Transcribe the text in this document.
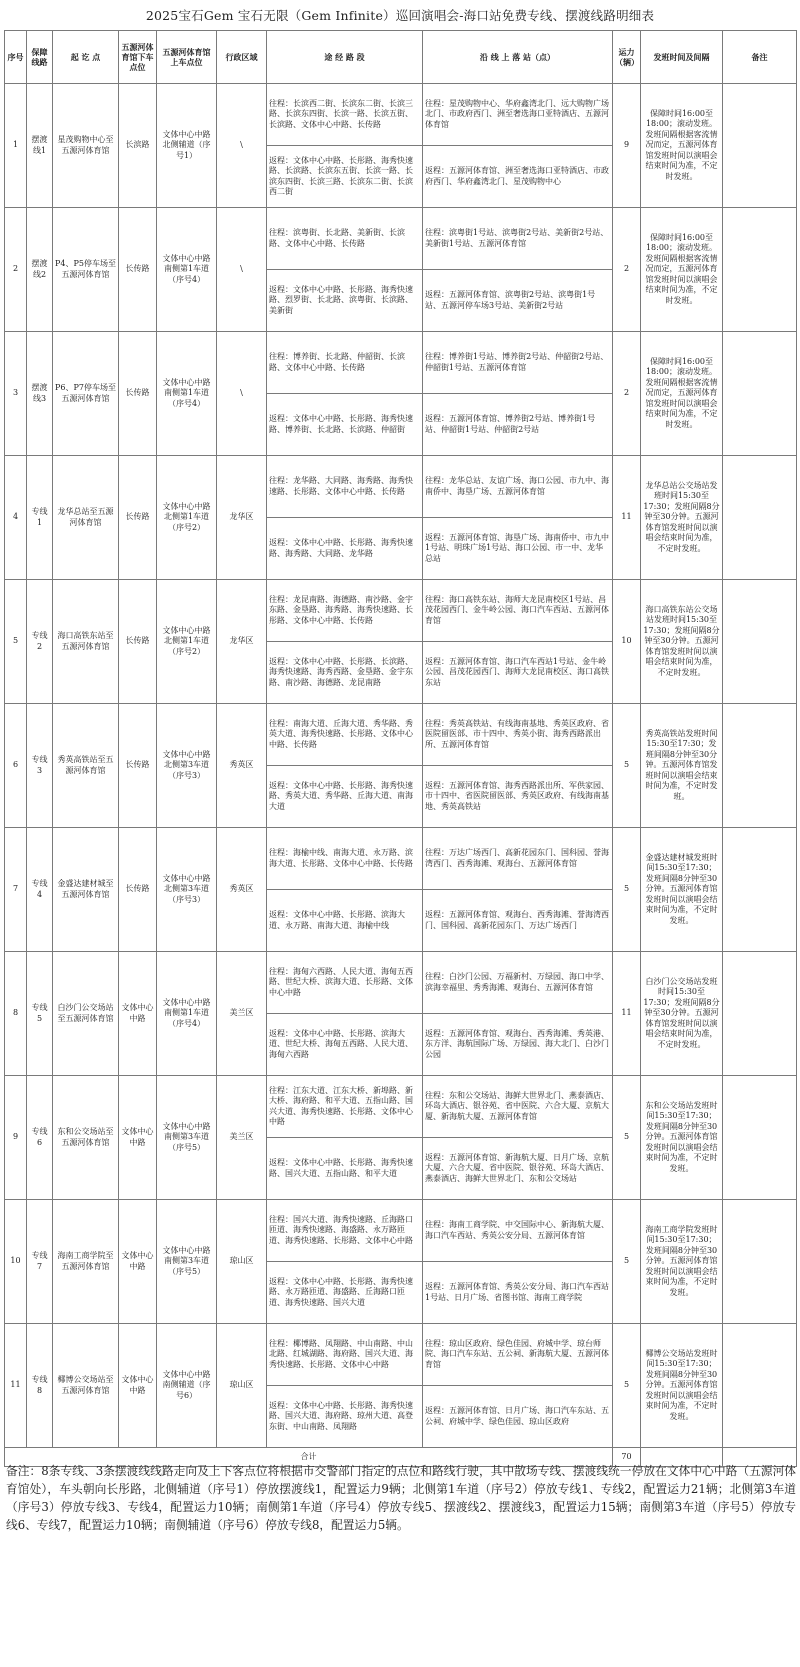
2025宝石Gem 宝石无限（Gem Infinite）巡回演唱会-海口站免费专线、摆渡线路明细表
序号	保障线路	起 讫 点	五源河体育馆下车点位	五源河体育馆上车点位	行政区域	途 经 路 段	沿 线 上 落 站（点）	运力（辆）	发班时间及间隔	备注
1	摆渡线1	星茂购物中心至五源河体育馆	长滨路	文体中心中路北侧辅道（序号1）	\	往程：长滨西二街、长滨东二街、长滨三路、长滨东四街、长滨一路、长滨五街、长滨路、文体中心中路、长传路	往程：星茂购物中心、华府鑫湾北门、远大购物广场北门、市政府西门、洲至奢选海口亚特酒店、五源河体育馆	9	保障时间16:00至18:00；滚动发班。发班间隔根据客流情况而定，五源河体育馆发班时间以演唱会结束时间为准，不定时发班。	
						返程：文体中心中路、长彤路、海秀快速路、长滨路、长滨东五街、长滨一路、长滨东四街、长滨三路、长滨东二街、长滨西二街	返程：五源河体育馆、洲至奢选海口亚特酒店、市政府西门、华府鑫湾北门、星茂购物中心			
2	摆渡线2	P4、P5停车场至五源河体育馆	长传路	文体中心中路南侧第1车道（序号4）	\	往程：滨粤街、长北路、美新街、长滨路、文体中心中路、长传路	往程：滨粤街1号站、滨粤街2号站、美新街2号站、美新街1号站、五源河体育馆	2	保障时间16:00至18:00；滚动发班。发班间隔根据客流情况而定，五源河体育馆发班时间以演唱会结束时间为准，不定时发班。	
						返程：文体中心中路、长彤路、海秀快速路、烈罗街、长北路、滨粤街、长滨路、美新街	返程：五源河体育馆、滨粤街2号站、滨粤街1号站、五源河停车场3号站、美新街2号站			
3	摆渡线3	P6、P7停车场至五源河体育馆	长传路	文体中心中路南侧第1车道（序号4）	\	往程：博养街、长北路、仲韶街、长滨路、文体中心中路、长传路	往程：博养街1号站、博养街2号站、仲韶街2号站、仲韶街1号站、五源河体育馆	2	保障时间16:00至18:00；滚动发班。发班间隔根据客流情况而定，五源河体育馆发班时间以演唱会结束时间为准，不定时发班。	
						返程：文体中心中路、长彤路、海秀快速路、博养街、长北路、长滨路、仲韶街	返程：五源河体育馆、博养街2号站、博养街1号站、仲韶街1号站、仲韶街2号站			
4	专线1	龙华总站至五源河体育馆	长传路	文体中心中路北侧第1车道（序号2）	龙华区	往程：龙华路、大同路、海秀路、海秀快速路、长彤路、文体中心中路、长传路	往程：龙华总站、友谊广场、海口公园、市九中、海南侨中、海垦广场、五源河体育馆	11	龙华总站公交场站发班时间15:30至17:30；发班间隔8分钟至30分钟。五源河体育馆发班时间以演唱会结束时间为准，不定时发班。	
						返程：文体中心中路、长彤路、海秀快速路、海秀路、大同路、龙华路	返程：五源河体育馆、海垦广场、海南侨中、市九中1号站、明珠广场1号站、海口公园、市一中、龙华总站			
5	专线2	海口高铁东站至五源河体育馆	长传路	文体中心中路北侧第1车道（序号2）	龙华区	往程：龙昆南路、海德路、南沙路、金宇东路、金垦路、海秀路、海秀快速路、长彤路、文体中心中路、长传路	往程：海口高铁东站、海师大龙昆南校区1号站、昌茂花园西门、金牛岭公园、海口汽车西站、五源河体育馆	10	海口高铁东站公交场站发班时间15:30至17:30；发班间隔8分钟至30分钟。五源河体育馆发班时间以演唱会结束时间为准，不定时发班。	
						返程：文体中心中路、长彤路、长滨路、海秀快速路、海秀西路、金垦路、金宇东路、南沙路、海德路、龙昆南路	返程：五源河体育馆、海口汽车西站1号站、金牛岭公园、昌茂花园西门、海师大龙昆南校区、海口高铁东站			
6	专线3	秀英高铁站至五源河体育馆	长传路	文体中心中路北侧第3车道（序号3）	秀英区	往程：南海大道、丘海大道、秀华路、秀英大道、海秀快速路、长彤路、文体中心中路、长传路	往程：秀英高铁站、有线海南基地、秀英区政府、省医院留医部、市十四中、秀英小街、海秀西路派出所、五源河体育馆	5	秀英高铁站发班时间15:30至17:30；发班间隔8分钟至30分钟。五源河体育馆发班时间以演唱会结束时间为准，不定时发班。	
						返程：文体中心中路、长彤路、海秀快速路、秀英大道、秀华路、丘海大道、南海大道	返程：五源河体育馆、海秀西路派出所、军供家园、市十四中、省医院留医部、秀英区政府、有线海南基地、秀英高铁站			
7	专线4	金盛达建材城至五源河体育馆	长传路	文体中心中路北侧第3车道（序号3）	秀英区	往程：海榆中线、南海大道、永万路、滨海大道、长彤路、文体中心中路、长传路	往程：万达广场西门、高新花园东门、国科园、誉海湾西门、西秀海滩、观海台、五源河体育馆	5	金盛达建材城发班时间15:30至17:30；发班间隔8分钟至30分钟。五源河体育馆发班时间以演唱会结束时间为准，不定时发班。	
						返程：文体中心中路、长彤路、滨海大道、永万路、南海大道、海榆中线	返程：五源河体育馆、观海台、西秀海滩、誉海湾西门、国科园、高新花园东门、万达广场西门			
8	专线5	白沙门公交场站至五源河体育馆	文体中心中路	文体中心中路南侧第1车道（序号4）	美兰区	往程：海甸六西路、人民大道、海甸五西路、世纪大桥、滨海大道、长彤路、文体中心中路	往程：白沙门公园、万福新村、万绿园、海口中学、滨海幸福里、秀秀海滩、观海台、五源河体育馆	11	白沙门公交场站发班时间15:30至17:30；发班间隔8分钟至30分钟。五源河体育馆发班时间以演唱会结束时间为准，不定时发班。	
						返程：文体中心中路、长彤路、滨海大道、世纪大桥、海甸五西路、人民大道、海甸六西路	返程：五源河体育馆、观海台、西秀海滩、秀英港、东方洋、海航国际广场、万绿园、海大北门、白沙门公园			
9	专线6	东和公交场站至五源河体育馆	文体中心中路	文体中心中路南侧第3车道（序号5）	美兰区	往程：江东大道、江东大桥、新埠路、新大桥、海府路、和平大道、五指山路、国兴大道、海秀快速路、长彤路、文体中心中路	往程：东和公交场站、海鲜大世界北门、燕泰酒店、环岛大酒店、银谷苑、省中医院、六合大厦、京航大厦、新海航大厦、五源河体育馆	5	东和公交场站发班时间15:30至17:30；发班间隔8分钟至30分钟。五源河体育馆发班时间以演唱会结束时间为准，不定时发班。	
						返程：文体中心中路、长彤路、海秀快速路、国兴大道、五指山路、和平大道	返程：五源河体育馆、新海航大厦、日月广场、京航大厦、六合大厦、省中医院、银谷苑、环岛大酒店、燕泰酒店、海鲜大世界北门、东和公交场站			
10	专线7	海南工商学院至五源河体育馆	文体中心中路	文体中心中路南侧第3车道（序号5）	琼山区	往程：国兴大道、海秀快速路、丘海路口匝道、海秀快速路、海盛路、永万路匝道、海秀快速路、长彤路、文体中心中路	往程：海南工商学院、中交国际中心、新海航大厦、海口汽车西站、秀英公安分局、五源河体育馆	5	海南工商学院发班时间15:30至17:30；发班间隔8分钟至30分钟。五源河体育馆发班时间以演唱会结束时间为准，不定时发班。	
						返程：文体中心中路、长彤路、海秀快速路、永万路匝道、海盛路、丘海路口匝道、海秀快速路、国兴大道	返程：五源河体育馆、秀英公安分局、海口汽车西站1号站、日月广场、省图书馆、海南工商学院			
11	专线8	椰博公交场站至五源河体育馆	文体中心中路	文体中心中路南侧辅道（序号6）	琼山区	往程：椰博路、凤翔路、中山南路、中山北路、红城湖路、海府路、国兴大道、海秀快速路、长彤路、文体中心中路	往程：琼山区政府、绿色佳园、府城中学、琼台师院、海口汽车东站、五公祠、新海航大厦、五源河体育馆	5	椰博公交场站发班时间15:30至17:30；发班间隔8分钟至30分钟。五源河体育馆发班时间以演唱会结束时间为准，不定时发班。	
						返程：文体中心中路、长彤路、海秀快速路、国兴大道、海府路、琼州大道、高登东街、中山南路、凤翔路	返程：五源河体育馆、日月广场、海口汽车东站、五公祠、府城中学、绿色佳园、琼山区政府			
合计								70		
备注：8条专线、3条摆渡线线路走向及上下客点位将根据市交警部门指定的点位和路线行驶，其中散场专线、摆渡线统一停放在文体中心中路（五源河体育馆处），车头朝向长彤路，北侧辅道（序号1）停放摆渡线1，配置运力9辆；北侧第1车道（序号2）停放专线1、专线2，配置运力21辆；北侧第3车道（序号3）停放专线3、专线4，配置运力10辆；南侧第1车道（序号4）停放专线5、摆渡线2、摆渡线3，配置运力15辆；南侧第3车道（序号5）停放专线6、专线7，配置运力10辆；南侧辅道（序号6）停放专线8，配置运力5辆。
